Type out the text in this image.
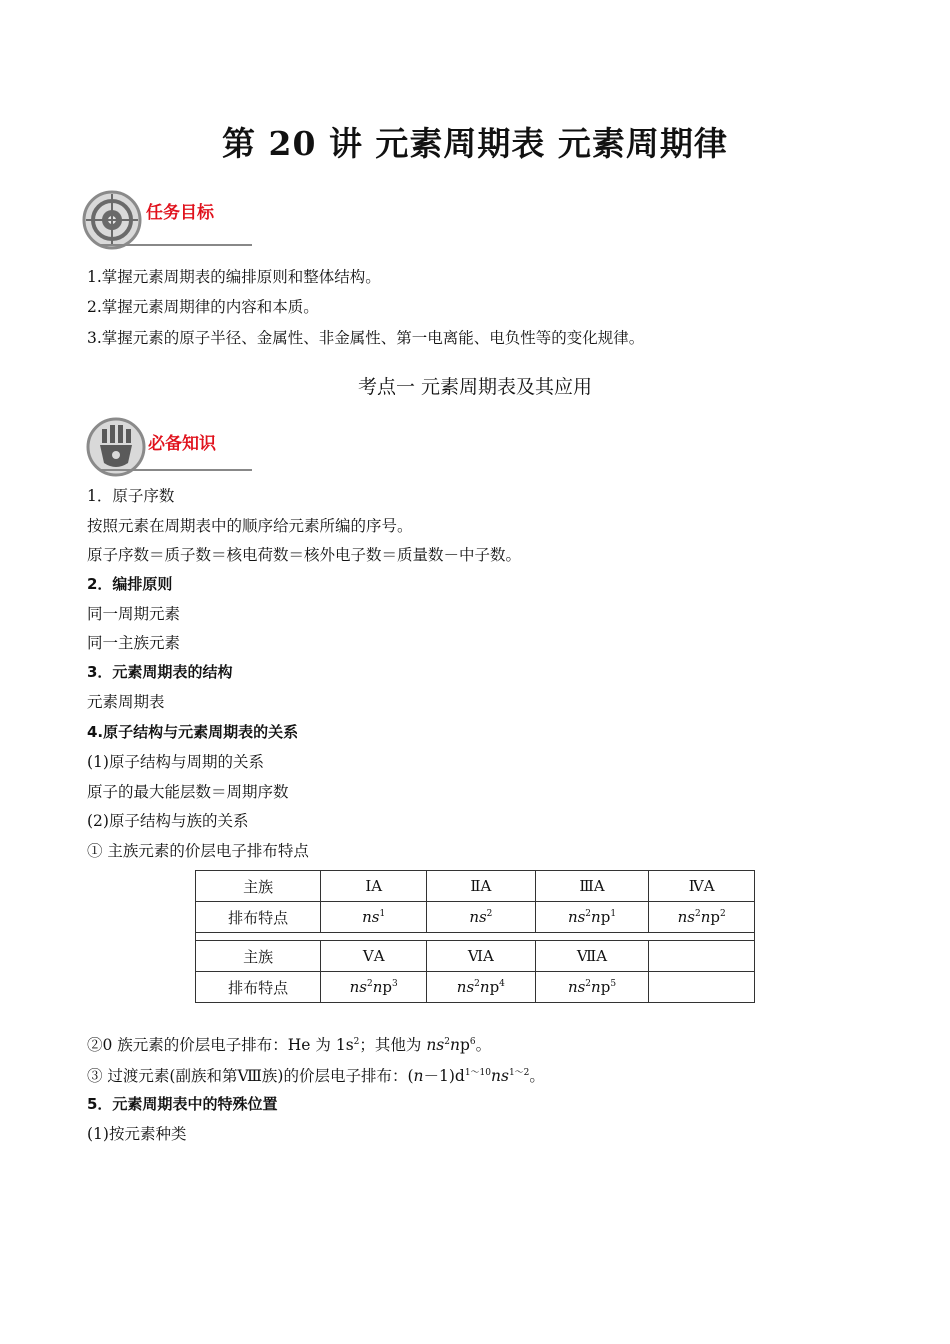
第 20 讲 元素周期表 元素周期律
任务目标
1.掌握元素周期表的编排原则和整体结构。
2.掌握元素周期律的内容和本质。
3.掌握元素的原子半径、金属性、非金属性、第一电离能、电负性等的变化规律。
考点一 元素周期表及其应用
必备知识
1．原子序数
按照元素在周期表中的顺序给元素所编的序号。
原子序数＝质子数＝核电荷数＝核外电子数＝质量数－中子数。
2．编排原则
同一周期元素
同一主族元素
3．元素周期表的结构
元素周期表
4.原子结构与元素周期表的关系
(1)原子结构与周期的关系
原子的最大能层数＝周期序数
(2)原子结构与族的关系
① 主族元素的价层电子排布特点
主族	ⅠA	ⅡA	ⅢA	ⅣA
排布特点	$ns^1$	$ns^2$	$ns^2np^1$	$ns^2np^2$

主族	ⅤA	ⅥA	ⅦA	
排布特点	$ns^2np^3$	$ns^2np^4$	$ns^2np^5$	
②0 族元素的价层电子排布：He 为 $1s^2$；其他为 $ns^2np^6$。
③ 过渡元素(副族和第Ⅷ族)的价层电子排布：$(n-1)d^{1\sim 10}ns^{1\sim 2}$。
5．元素周期表中的特殊位置
(1)按元素种类
